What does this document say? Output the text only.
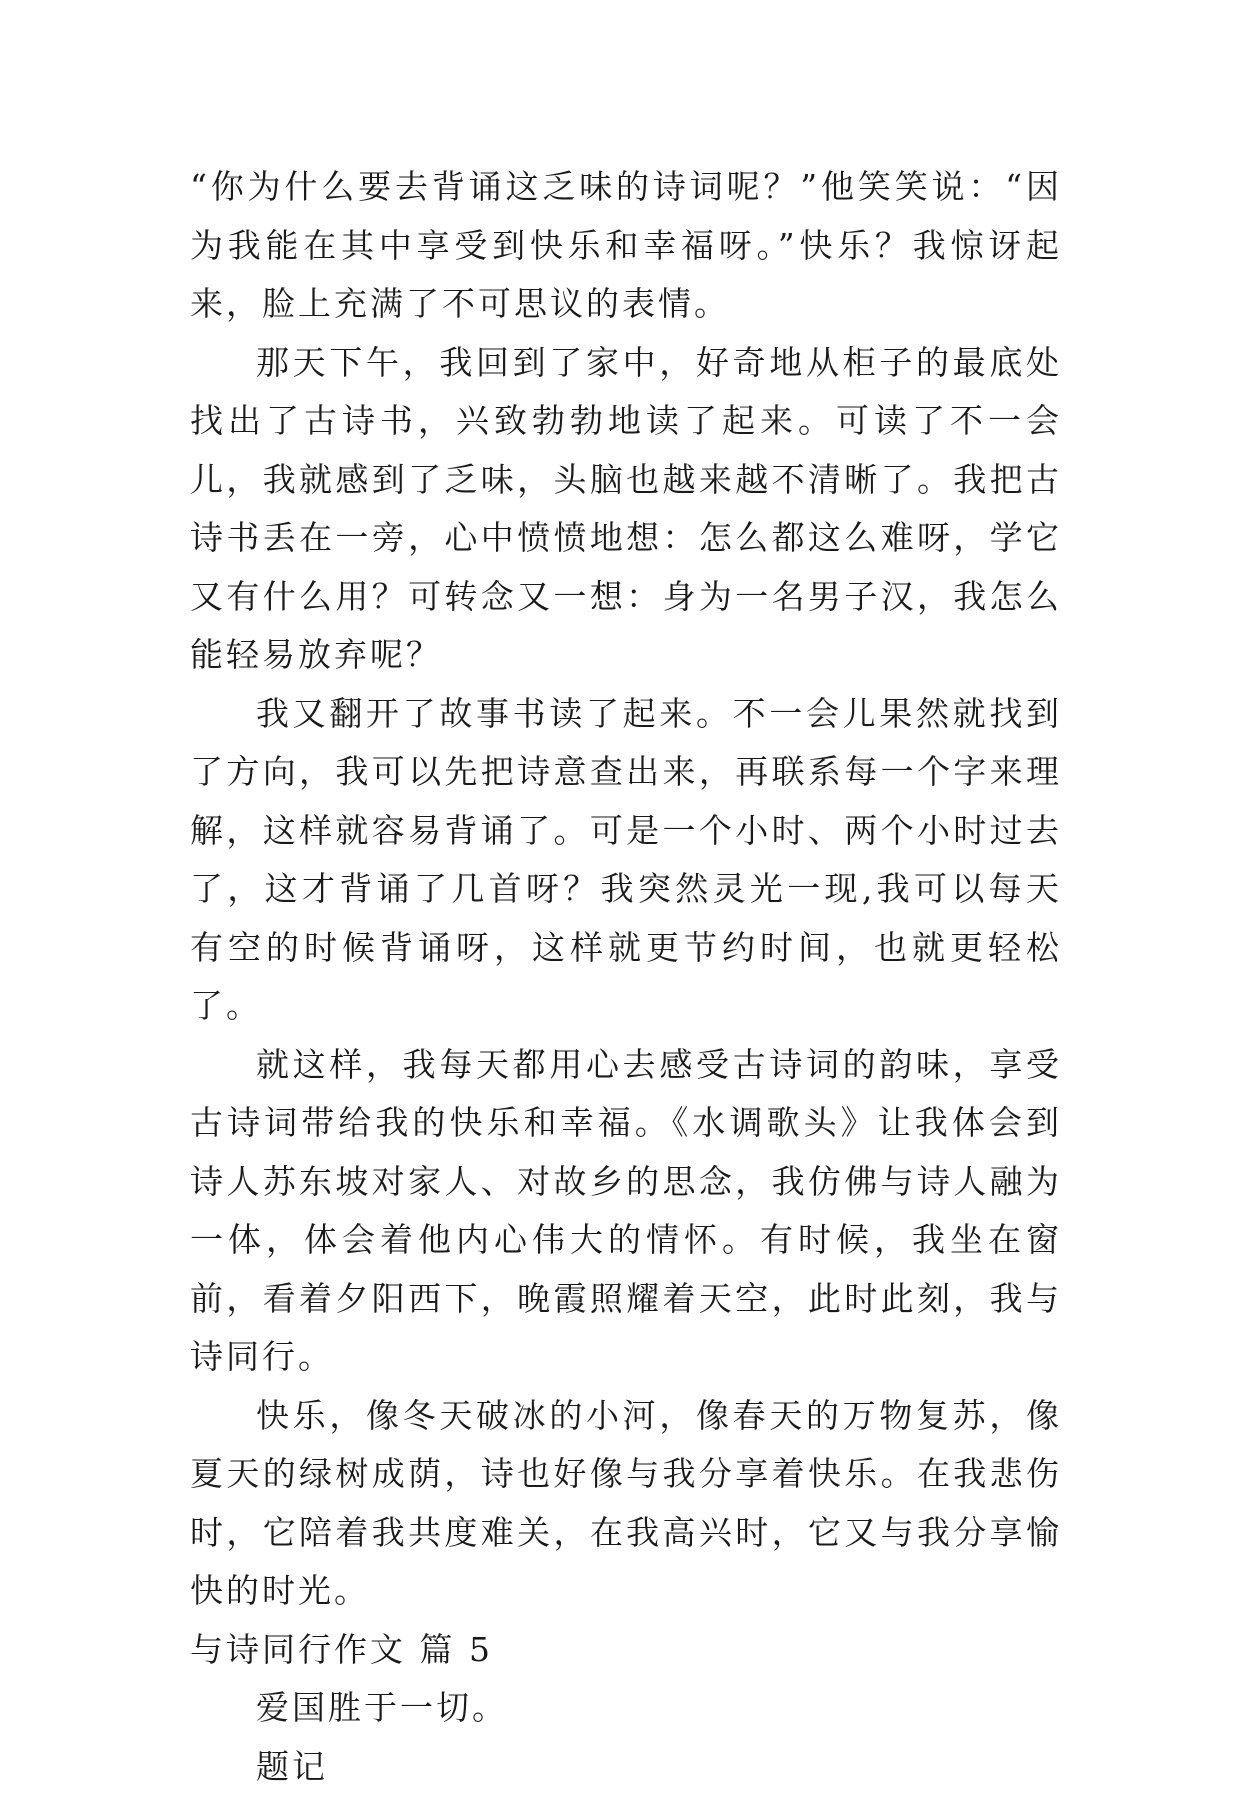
“你为什么要去背诵这乏味的诗词呢？”他笑笑说：“因为我能在其中享受到快乐和幸福呀。”快乐？我惊讶起来，脸上充满了不可思议的表情。

那天下午，我回到了家中，好奇地从柜子的最底处找出了古诗书，兴致勃勃地读了起来。可读了不一会儿，我就感到了乏味，头脑也越来越不清晰了。我把古诗书丢在一旁，心中愤愤地想：怎么都这么难呀，学它又有什么用？可转念又一想：身为一名男子汉，我怎么能轻易放弃呢？

我又翻开了故事书读了起来。不一会儿果然就找到了方向，我可以先把诗意查出来，再联系每一个字来理解，这样就容易背诵了。可是一个小时、两个小时过去了，这才背诵了几首呀？我突然灵光一现,我可以每天有空的时候背诵呀，这样就更节约时间，也就更轻松了。

就这样，我每天都用心去感受古诗词的韵味，享受古诗词带给我的快乐和幸福。《水调歌头》让我体会到诗人苏东坡对家人、对故乡的思念，我仿佛与诗人融为一体，体会着他内心伟大的情怀。有时候，我坐在窗前，看着夕阳西下，晚霞照耀着天空，此时此刻，我与诗同行。

快乐，像冬天破冰的小河，像春天的万物复苏，像夏天的绿树成荫，诗也好像与我分享着快乐。在我悲伤时，它陪着我共度难关，在我高兴时，它又与我分享愉快的时光。

与诗同行作文 篇 5

爱国胜于一切。

题记
